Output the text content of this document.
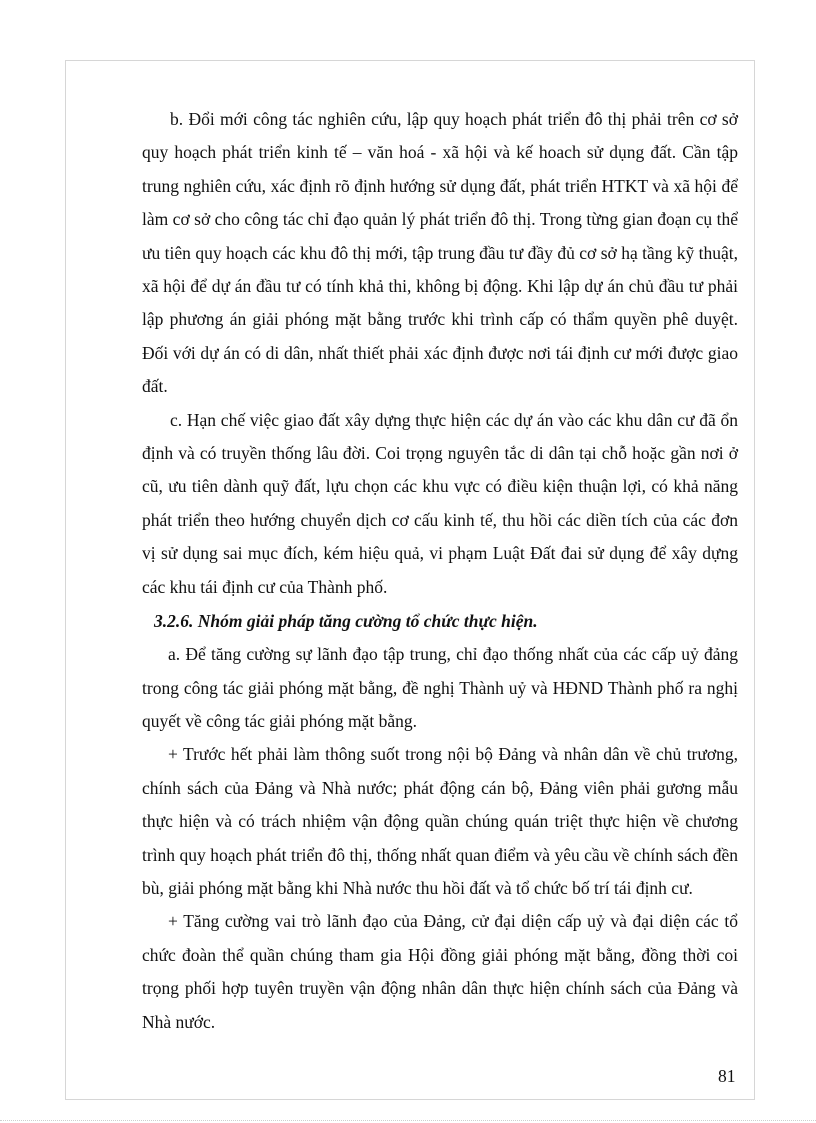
b. Đổi mới công tác nghiên cứu, lập quy hoạch phát triển đô thị phải trên cơ sở quy hoạch phát triển kinh tế – văn hoá - xã hội và kế hoach sử dụng đất. Cần tập trung nghiên cứu, xác định rõ định hướng sử dụng đất, phát triển HTKT và xã hội để làm cơ sở cho công tác chỉ đạo quản lý phát triển đô thị. Trong từng gian đoạn cụ thể ưu tiên quy hoạch các khu đô thị mới, tập trung đầu tư đầy đủ cơ sở hạ tầng kỹ thuật, xã hội để dự án đầu tư có tính khả thi, không bị động. Khi lập dự án chủ đầu tư phải lập phương án giải phóng mặt bằng trước khi trình cấp có thẩm quyền phê duyệt. Đối với dự án có di dân, nhất thiết phải xác định được nơi tái định cư mới được giao đất.

c. Hạn chế việc giao đất xây dựng thực hiện các dự án vào các khu dân cư đã ổn định và có truyền thống lâu đời. Coi trọng nguyên tắc di dân tại chỗ hoặc gần nơi ở cũ, ưu tiên dành quỹ đất, lựu chọn các khu vực có điều kiện thuận lợi, có khả năng phát triển theo hướng chuyển dịch cơ cấu kinh tế, thu hồi các diền tích của các đơn vị sử dụng sai mục đích, kém hiệu quả, vi phạm Luật Đất đai sử dụng để xây dựng các khu tái định cư của Thành phố.

3.2.6. Nhóm giải pháp tăng cường tổ chức thực hiện.

a. Để tăng cường sự lãnh đạo tập trung, chỉ đạo thống nhất của các cấp uỷ đảng trong công tác giải phóng mặt bằng, đề nghị Thành uỷ và HĐND Thành phố ra nghị quyết về công tác giải phóng mặt bằng.

+ Trước hết phải làm thông suốt trong nội bộ Đảng và nhân dân về chủ trương, chính sách của Đảng và Nhà nước; phát động cán bộ, Đảng viên phải gương mẫu thực hiện và có trách nhiệm vận động quần chúng quán triệt thực hiện về chương trình quy hoạch phát triển đô thị, thống nhất quan điểm và yêu cầu về chính sách đền bù, giải phóng mặt bằng khi Nhà nước thu hồi đất và tổ chức bố trí tái định cư.

+ Tăng cường vai trò lãnh đạo của Đảng, cử đại diện cấp uỷ và đại diện các tổ chức đoàn thể quần chúng tham gia Hội đồng giải phóng mặt bằng, đồng thời coi trọng phối hợp tuyên truyền vận động nhân dân thực hiện chính sách của Đảng và Nhà nước.

81
